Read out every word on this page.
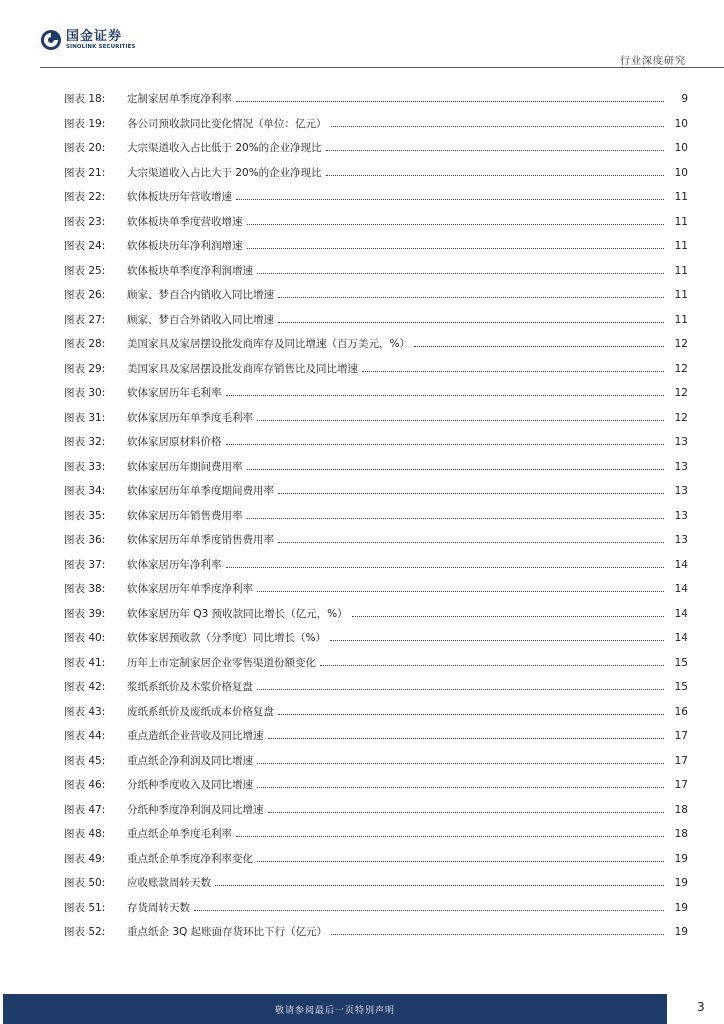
国金证券
SINOLINK SECURITIES
行业深度研究
图表 18:	定制家居单季度净利率	9
图表 19:	各公司预收款同比变化情况（单位：亿元）	10
图表 20:	大宗渠道收入占比低于 20%的企业净现比	10
图表 21:	大宗渠道收入占比大于 20%的企业净现比	10
图表 22:	软体板块历年营收增速	11
图表 23:	软体板块单季度营收增速	11
图表 24:	软体板块历年净利润增速	11
图表 25:	软体板块单季度净利润增速	11
图表 26:	顾家、梦百合内销收入同比增速	11
图表 27:	顾家、梦百合外销收入同比增速	11
图表 28:	美国家具及家居摆设批发商库存及同比增速（百万美元，%）	12
图表 29:	美国家具及家居摆设批发商库存销售比及同比增速	12
图表 30:	软体家居历年毛利率	12
图表 31:	软体家居历年单季度毛利率	12
图表 32:	软体家居原材料价格	13
图表 33:	软体家居历年期间费用率	13
图表 34:	软体家居历年单季度期间费用率	13
图表 35:	软体家居历年销售费用率	13
图表 36:	软体家居历年单季度销售费用率	13
图表 37:	软体家居历年净利率	14
图表 38:	软体家居历年单季度净利率	14
图表 39:	软体家居历年 Q3 预收款同比增长（亿元，%）	14
图表 40:	软体家居预收款（分季度）同比增长（%）	14
图表 41:	历年上市定制家居企业零售渠道份额变化	15
图表 42:	浆纸系纸价及木浆价格复盘	15
图表 43:	废纸系纸价及废纸成本价格复盘	16
图表 44:	重点造纸企业营收及同比增速	17
图表 45:	重点纸企净利润及同比增速	17
图表 46:	分纸种季度收入及同比增速	17
图表 47:	分纸种季度净利润及同比增速	18
图表 48:	重点纸企单季度毛利率	18
图表 49:	重点纸企单季度净利率变化	19
图表 50:	应收账款周转天数	19
图表 51:	存货周转天数	19
图表 52:	重点纸企 3Q 起账面存货环比下行（亿元）	19
敬请参阅最后一页特别声明	3
